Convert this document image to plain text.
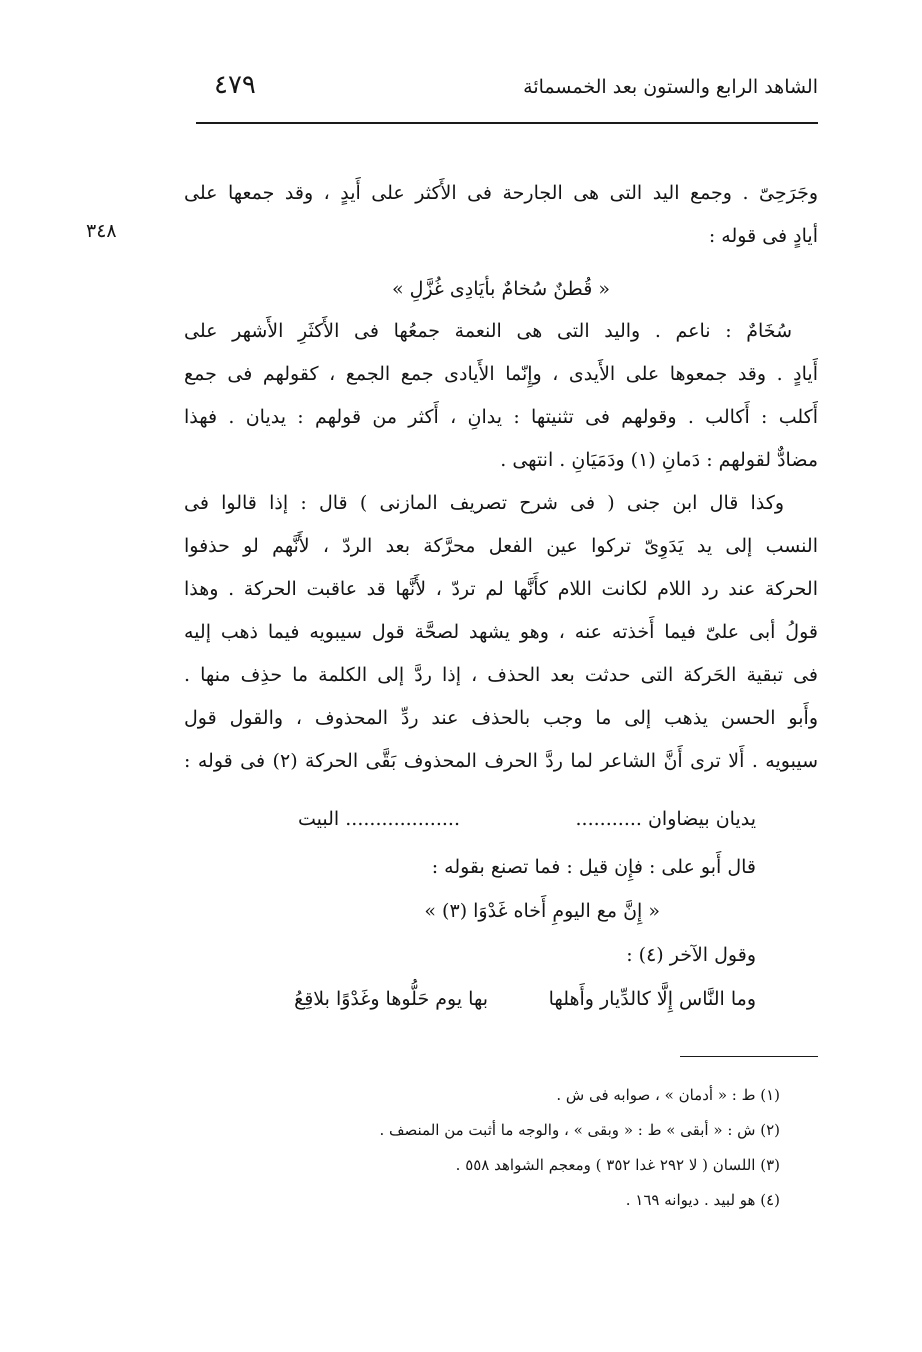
الشاهد الرابع والستون بعد الخمسمائة
٤٧٩
٣٤٨
وجَرَحِىّ . وجمع اليد التى هى الجارحة فى الأَكثر على أَيدٍ ، وقد جمعها على
أيادٍ فى قوله :
« قُطنٌ سُخامٌ بأيَادِى غُزَّلِ »
سُخَامٌ : ناعم . واليد التى هى النعمة جمعُها فى الأَكثَرِ الأَشهر على
أَيادٍ . وقد جمعوها على الأَيدى ، وإِنّما الأَيادى جمع الجمع ، كقولهم فى جمع
أَكلب : أَكالب . وقولهم فى تثنيتها : يدانِ ، أَكثر من قولهم : يديان . فهذا
مضادٌّ لقولهم : دَمانِ (١) ودَمَيَانِ . انتهى .
وكذا قال ابن جنى ( فى شرح تصريف المازنى ) قال : إذا قالوا فى
النسب إلى يد يَدَوِىّ تركوا عين الفعل محرَّكة بعد الردّ ، لأَنَّهم لو حذفوا
الحركة عند رد اللام لكانت اللام كأَنَّها لم تردّ ، لأَنَّها قد عاقبت الحركة . وهذا
قولُ أبى علىّ فيما أَخذته عنه ، وهو يشهد لصحَّة قول سيبويه فيما ذهب إليه
فى تبقية الحَركة التى حدثت بعد الحذف ، إذا ردَّ إلى الكلمة ما حذِف منها .
وأَبو الحسن يذهب إلى ما وجب بالحذف عند ردِّ المحذوف ، والقول قول
سيبويه . أَلا ترى أَنَّ الشاعر لما ردَّ الحرف المحذوف بَقَّى الحركة (٢) فى قوله :
يديان بيضاوان ...........
................... البيت
قال أَبو على : فإِن قيل : فما تصنع بقوله :
« إِنَّ مع اليومِ أَخاه غَدْوَا (٣) »
وقول الآخر (٤) :
وما النَّاس إِلَّا كالدِّيار وأَهلها
بها يوم حَلُّوها وغَدْوًا بلاقِعُ
(١) ط : « أدمان » ، صوابه فى ش .
(٢) ش : « أبقى » ط : « وبقى » ، والوجه ما أثبت من المنصف .
(٣) اللسان ( لا ٢٩٢ غدا ٣٥٢ ) ومعجم الشواهد ٥٥٨ .
(٤) هو لبيد . ديوانه ١٦٩ .
